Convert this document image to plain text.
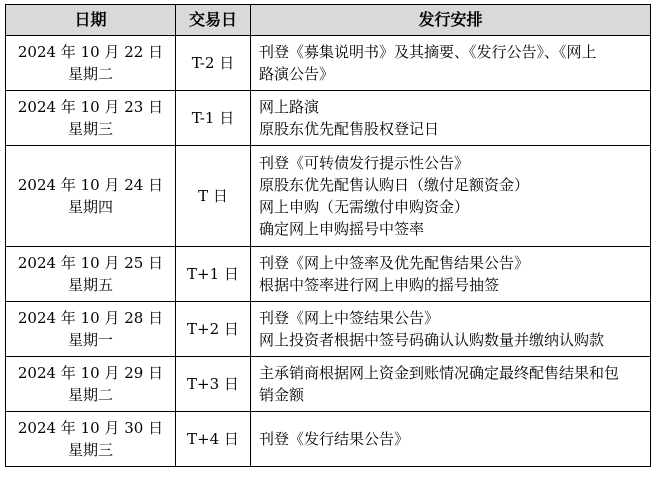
日期	交易日	发行安排

2024 年 10 月 22 日
星期二	T-2 日	刊登《募集说明书》及其摘要、《发行公告》、《网上
路演公告》

2024 年 10 月 23 日
星期三	T-1 日	网上路演
原股东优先配售股权登记日

2024 年 10 月 24 日
星期四	T 日	刊登《可转债发行提示性公告》
原股东优先配售认购日（缴付足额资金）
网上申购（无需缴付申购资金）
确定网上申购摇号中签率

2024 年 10 月 25 日
星期五	T+1 日	刊登《网上中签率及优先配售结果公告》
根据中签率进行网上申购的摇号抽签

2024 年 10 月 28 日
星期一	T+2 日	刊登《网上中签结果公告》
网上投资者根据中签号码确认认购数量并缴纳认购款

2024 年 10 月 29 日
星期二	T+3 日	主承销商根据网上资金到账情况确定最终配售结果和包
销金额

2024 年 10 月 30 日
星期三	T+4 日	刊登《发行结果公告》
